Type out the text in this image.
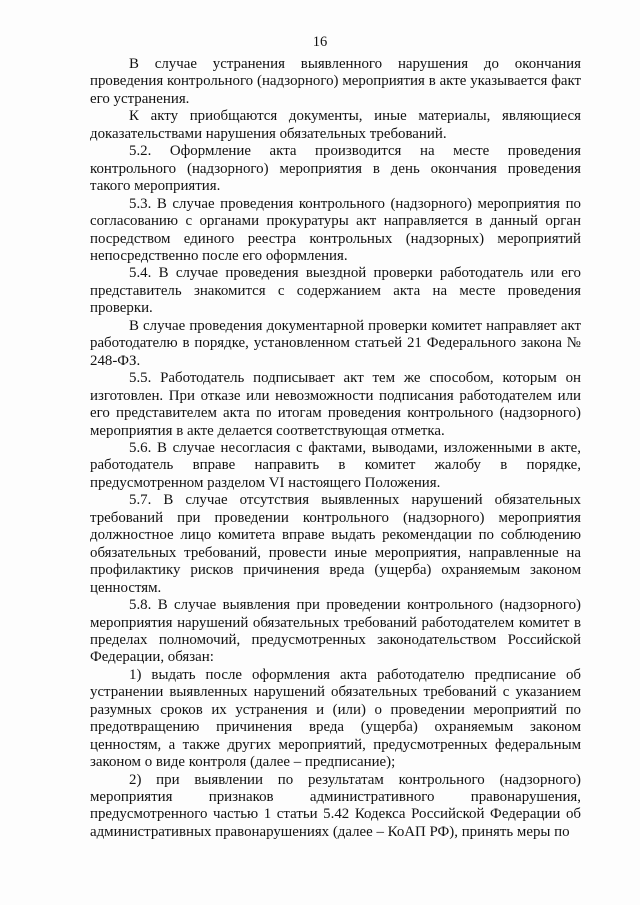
16

В случае устранения выявленного нарушения до окончания проведения контрольного (надзорного) мероприятия в акте указывается факт его устранения.

К акту приобщаются документы, иные материалы, являющиеся доказательствами нарушения обязательных требований.

5.2. Оформление акта производится на месте проведения контрольного (надзорного) мероприятия в день окончания проведения такого мероприятия.

5.3. В случае проведения контрольного (надзорного) мероприятия по согласованию с органами прокуратуры акт направляется в данный орган посредством единого реестра контрольных (надзорных) мероприятий непосредственно после его оформления.

5.4. В случае проведения выездной проверки работодатель или его представитель знакомится с содержанием акта на месте проведения проверки.

В случае проведения документарной проверки комитет направляет акт работодателю в порядке, установленном статьей 21 Федерального закона № 248-ФЗ.

5.5. Работодатель подписывает акт тем же способом, которым он изготовлен. При отказе или невозможности подписания работодателем или его представителем акта по итогам проведения контрольного (надзорного) мероприятия в акте делается соответствующая отметка.

5.6. В случае несогласия с фактами, выводами, изложенными в акте, работодатель вправе направить в комитет жалобу в порядке, предусмотренном разделом VI настоящего Положения.

5.7. В случае отсутствия выявленных нарушений обязательных требований при проведении контрольного (надзорного) мероприятия должностное лицо комитета вправе выдать рекомендации по соблюдению обязательных требований, провести иные мероприятия, направленные на профилактику рисков причинения вреда (ущерба) охраняемым законом ценностям.

5.8. В случае выявления при проведении контрольного (надзорного) мероприятия нарушений обязательных требований работодателем комитет в пределах полномочий, предусмотренных законодательством Российской Федерации, обязан:

1) выдать после оформления акта работодателю предписание об устранении выявленных нарушений обязательных требований с указанием разумных сроков их устранения и (или) о проведении мероприятий по предотвращению причинения вреда (ущерба) охраняемым законом ценностям, а также других мероприятий, предусмотренных федеральным законом о виде контроля (далее – предписание);

2) при выявлении по результатам контрольного (надзорного) мероприятия признаков административного правонарушения, предусмотренного частью 1 статьи 5.42 Кодекса Российской Федерации об административных правонарушениях (далее – КоАП РФ), принять меры по
